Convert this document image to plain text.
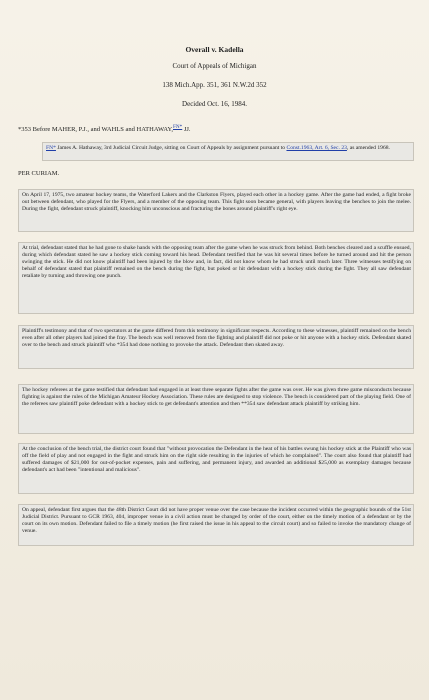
Overall v. Kadella
Court of Appeals of Michigan
138 Mich.App. 351, 361 N.W.2d 352
Decided Oct. 16, 1984.
*353 Before MAHER, P.J., and WAHLS and HATHAWAY,$^{FN*}$ JJ.
FN* James A. Hathaway, 3rd Judicial Circuit Judge, sitting on Court of Appeals by assignment pursuant to Const.1963, Art. 6, Sec. 23, as amended 1968.
PER CURIAM.
On April 17, 1975, two amateur hockey teams, the Waterford Lakers and the Clarkston Flyers, played each other in a hockey game. After the game had ended, a fight broke out between defendant, who played for the Flyers, and a member of the opposing team. This fight soon became general, with players leaving the benches to join the melee. During the fight, defendant struck plaintiff, knocking him unconscious and fracturing the bones around plaintiff's right eye.
At trial, defendant stated that he had gone to shake hands with the opposing team after the game when he was struck from behind. Both benches cleared and a scuffle ensued, during which defendant stated he saw a hockey stick coming toward his head. Defendant testified that he was hit several times before he turned around and hit the person swinging the stick. He did not know plaintiff had been injured by the blow and, in fact, did not know whom he had struck until much later. Three witnesses testifying on behalf of defendant stated that plaintiff remained on the bench during the fight, but poked or hit defendant with a hockey stick during the fight. They all saw defendant retaliate by turning and throwing one punch.
Plaintiff's testimony and that of two spectators at the game differed from this testimony in significant respects. According to these witnesses, plaintiff remained on the bench even after all other players had joined the fray. The bench was well removed from the fighting and plaintiff did not poke or hit anyone with a hockey stick. Defendant skated over to the bench and struck plaintiff who *354 had done nothing to provoke the attack. Defendant then skated away.
The hockey referees at the game testified that defendant had engaged in at least three separate fights after the game was over. He was given three game misconducts because fighting is against the rules of the Michigan Amateur Hockey Association. These rules are designed to stop violence. The bench is considered part of the playing field. One of the referees saw plaintiff poke defendant with a hockey stick to get defendant's attention and then **354 saw defendant attack plaintiff by striking him.
At the conclusion of the bench trial, the district court found that "without provocation the Defendant in the heat of his battles swung his hockey stick at the Plaintiff who was off the field of play and not engaged in the fight and struck him on the right side resulting in the injuries of which he complained". The court also found that plaintiff had suffered damages of $21,000 for out-of-pocket expenses, pain and suffering, and permanent injury, and awarded an additional $25,000 as exemplary damages because defendant's act had been "intentional and malicious".
On appeal, defendant first argues that the 48th District Court did not have proper venue over the case because the incident occurred within the geographic bounds of the 51st Judicial District. Pursuant to GCR 1963, 404, improper venue in a civil action must be changed by order of the court, either on the timely motion of a defendant or by the court on its own motion. Defendant failed to file a timely motion (he first raised the issue in his appeal to the circuit court) and so failed to invoke the mandatory change of venue.
